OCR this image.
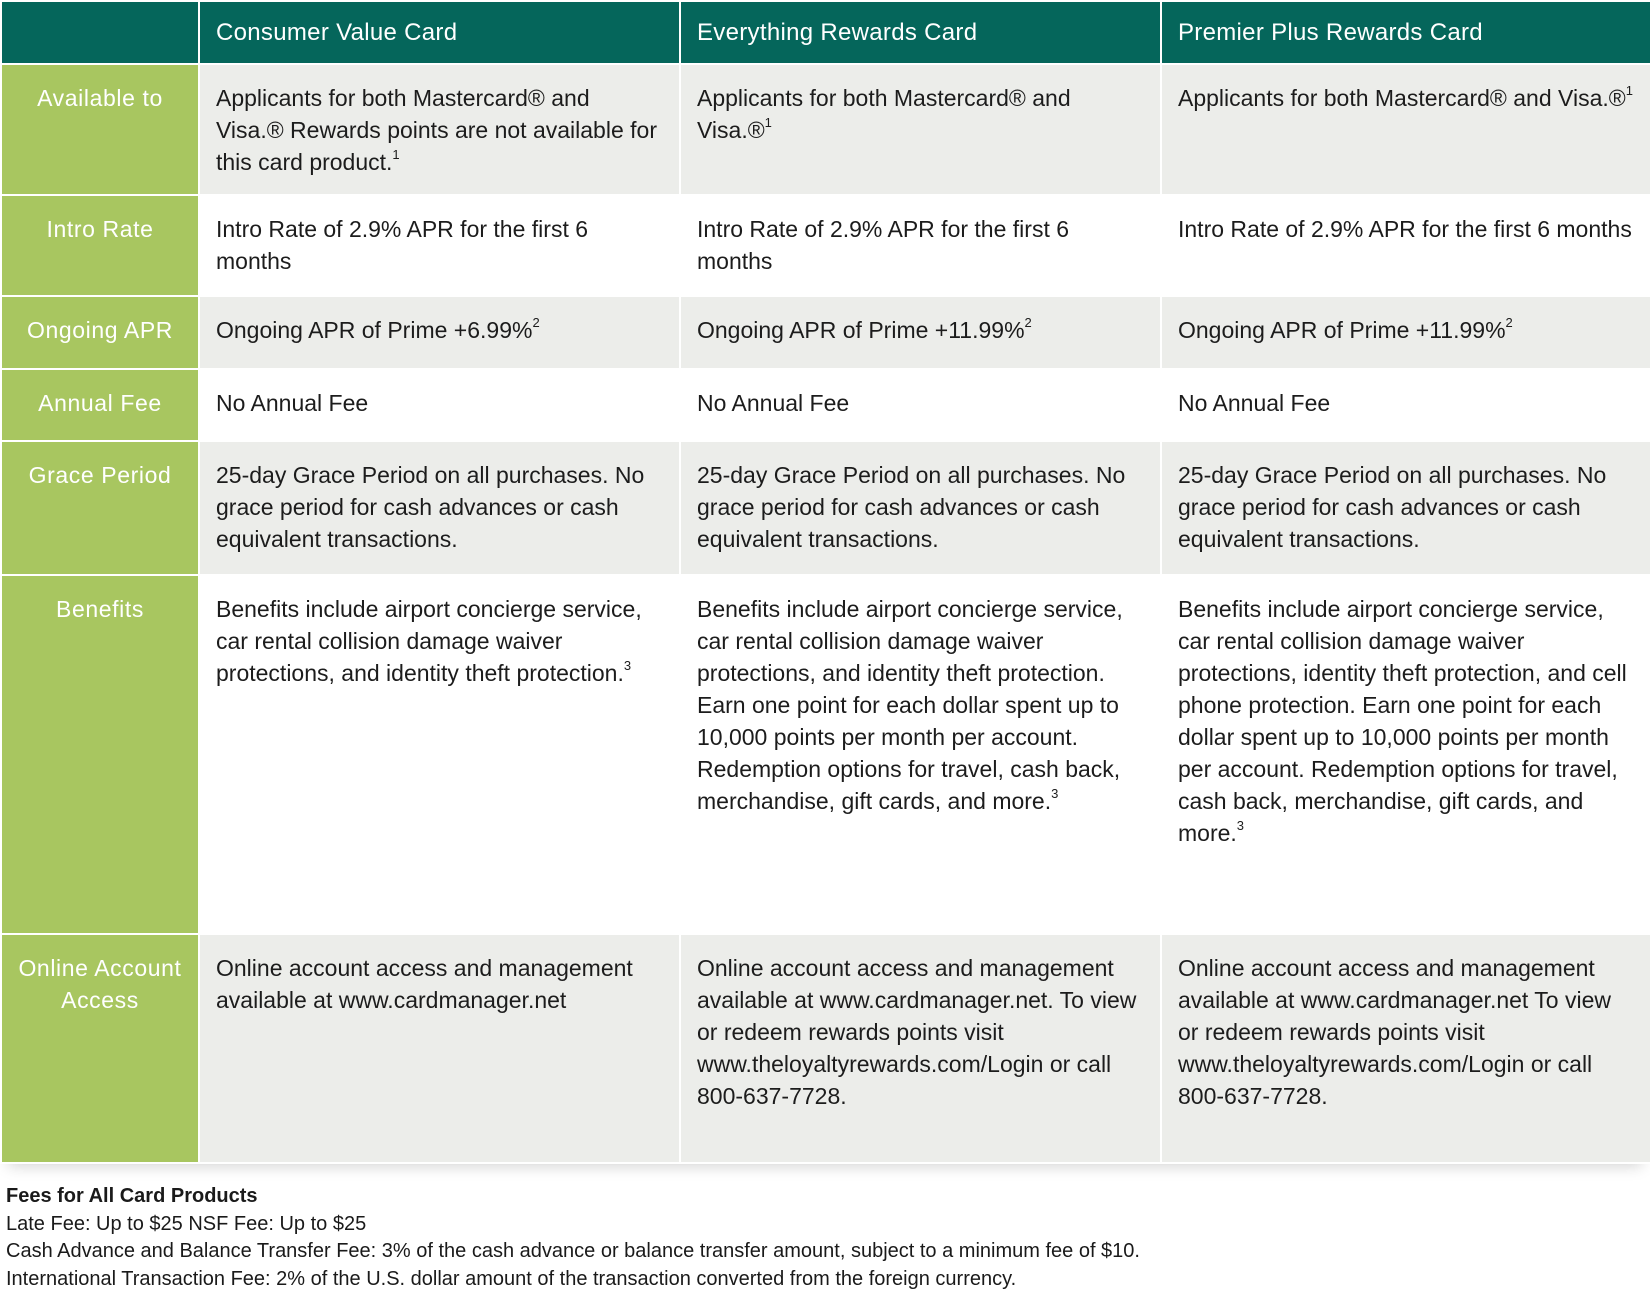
	Consumer Value Card	Everything Rewards Card	Premier Plus Rewards Card
Available to	Applicants for both Mastercard® and Visa.® Rewards points are not available for this card product.$^1$	Applicants for both Mastercard® and Visa.®$^1$	Applicants for both Mastercard® and Visa.®$^1$
Intro Rate	Intro Rate of 2.9% APR for the first 6 months	Intro Rate of 2.9% APR for the first 6 months	Intro Rate of 2.9% APR for the first 6 months
Ongoing APR	Ongoing APR of Prime +6.99%$^2$	Ongoing APR of Prime +11.99%$^2$	Ongoing APR of Prime +11.99%$^2$
Annual Fee	No Annual Fee	No Annual Fee	No Annual Fee
Grace Period	25-day Grace Period on all purchases. No grace period for cash advances or cash equivalent transactions.	25-day Grace Period on all purchases. No grace period for cash advances or cash equivalent transactions.	25-day Grace Period on all purchases. No grace period for cash advances or cash equivalent transactions.
Benefits	Benefits include airport concierge service, car rental collision damage waiver protections, and identity theft protection.$^3$	Benefits include airport concierge service, car rental collision damage waiver protections, and identity theft protection. Earn one point for each dollar spent up to 10,000 points per month per account. Redemption options for travel, cash back, merchandise, gift cards, and more.$^3$	Benefits include airport concierge service, car rental collision damage waiver protections, identity theft protection, and cell phone protection. Earn one point for each dollar spent up to 10,000 points per month per account. Redemption options for travel, cash back, merchandise, gift cards, and more.$^3$
Online Account Access	Online account access and management available at www.cardmanager.net	Online account access and management available at www.cardmanager.net. To view or redeem rewards points visit www.theloyaltyrewards.com/Login or call 800-637-7728.	Online account access and management available at www.cardmanager.net To view or redeem rewards points visit www.theloyaltyrewards.com/Login or call 800-637-7728.
Fees for All Card Products
Late Fee: Up to $25 NSF Fee: Up to $25
Cash Advance and Balance Transfer Fee: 3% of the cash advance or balance transfer amount, subject to a minimum fee of $10.
International Transaction Fee: 2% of the U.S. dollar amount of the transaction converted from the foreign currency.
